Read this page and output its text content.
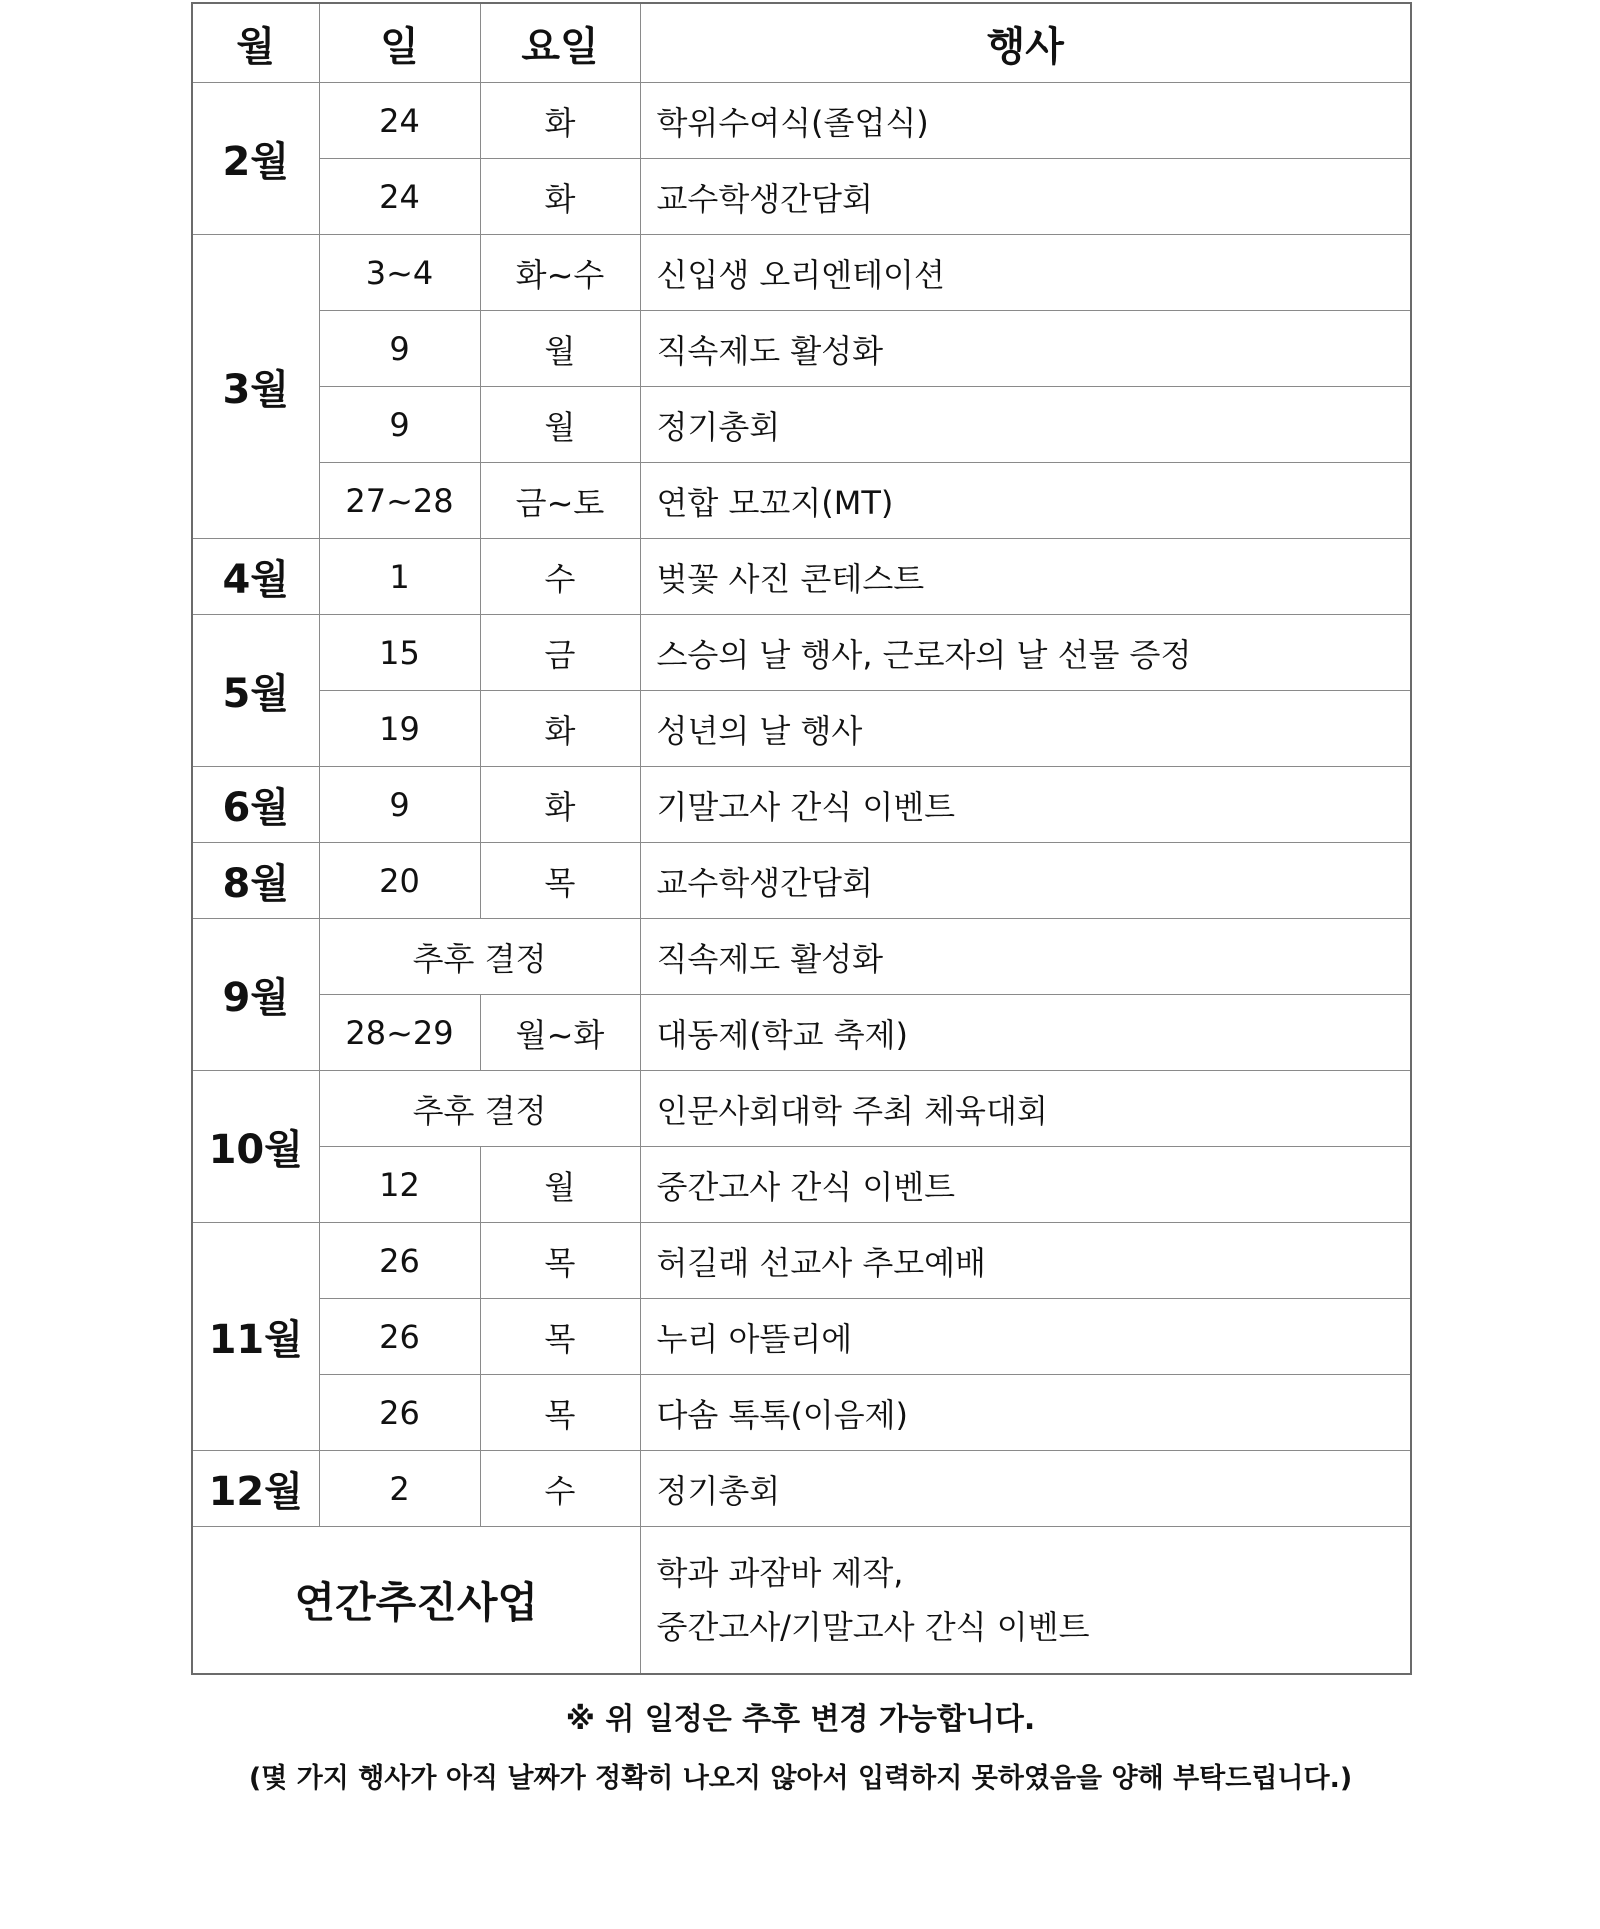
월	일	요일	행사
2월	24	화	학위수여식(졸업식)
	24	화	교수학생간담회
3월	3~4	화~수	신입생 오리엔테이션
	9	월	직속제도 활성화
	9	월	정기총회
	27~28	금~토	연합 모꼬지(MT)
4월	1	수	벚꽃 사진 콘테스트
5월	15	금	스승의 날 행사, 근로자의 날 선물 증정
	19	화	성년의 날 행사
6월	9	화	기말고사 간식 이벤트
8월	20	목	교수학생간담회
9월	추후 결정		직속제도 활성화
	28~29	월~화	대동제(학교 축제)
10월	추후 결정		인문사회대학 주최 체육대회
	12	월	중간고사 간식 이벤트
11월	26	목	허길래 선교사 추모예배
	26	목	누리 아뜰리에
	26	목	다솜 톡톡(이음제)
12월	2	수	정기총회
연간추진사업			학과 과잠바 제작,
중간고사/기말고사 간식 이벤트
※ 위 일정은 추후 변경 가능합니다.
(몇 가지 행사가 아직 날짜가 정확히 나오지 않아서 입력하지 못하였음을 양해 부탁드립니다.)
